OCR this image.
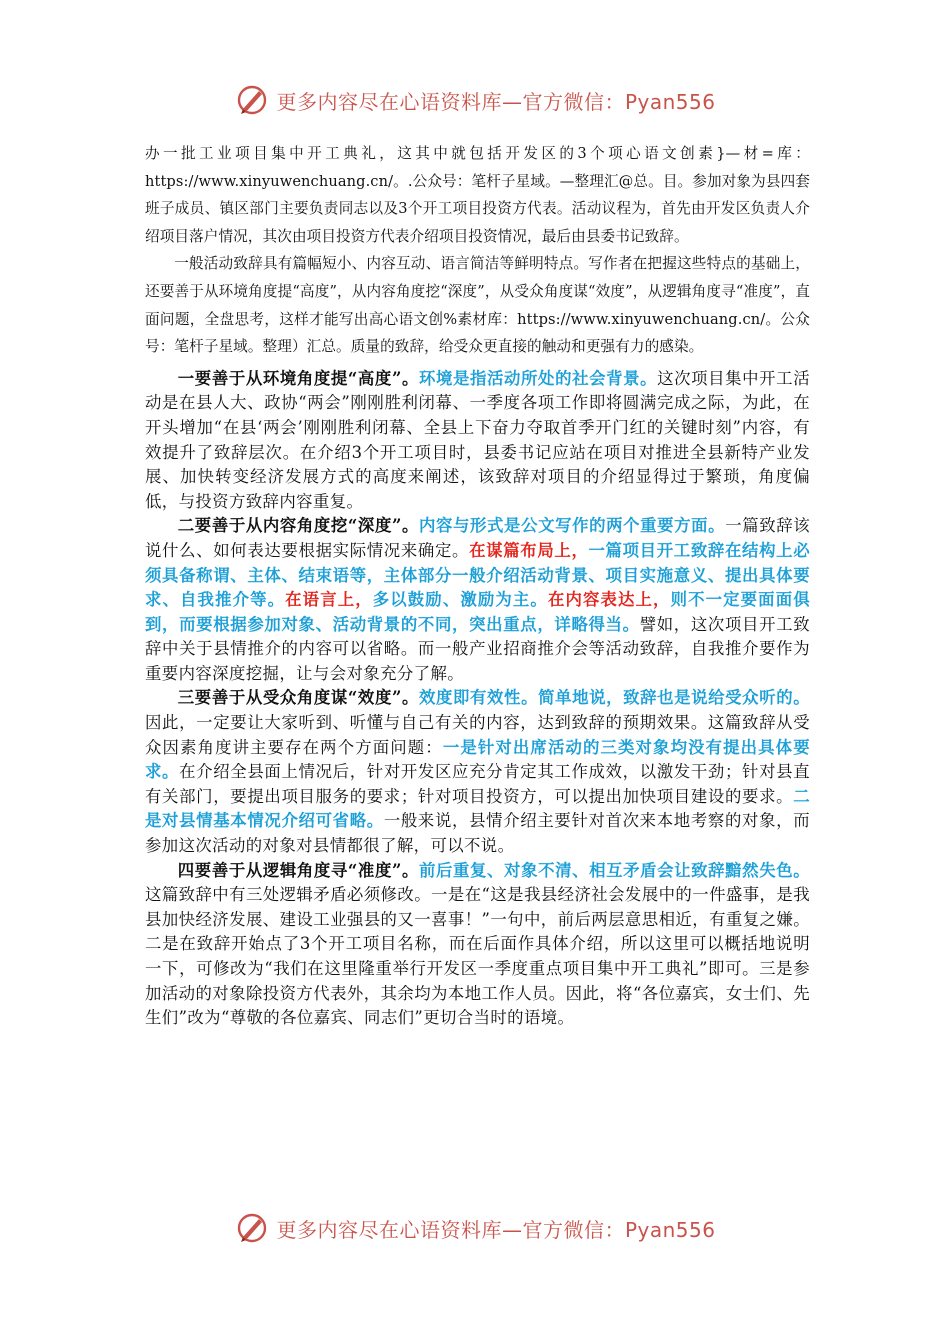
更多内容尽在心语资料库—官方微信：Pyan556

办一批工业项目集中开工典礼，这其中就包括开发区的3个项心语文创素}—材=库：https://www.xinyuwenchuang.cn/。.公众号：笔杆子星域。—整理汇@总。目。参加对象为县四套班子成员、镇区部门主要负责同志以及3个开工项目投资方代表。活动议程为，首先由开发区负责人介绍项目落户情况，其次由项目投资方代表介绍项目投资情况，最后由县委书记致辞。

一般活动致辞具有篇幅短小、内容互动、语言简洁等鲜明特点。写作者在把握这些特点的基础上，还要善于从环境角度提“高度”，从内容角度挖“深度”，从受众角度谋“效度”，从逻辑角度寻“准度”，直面问题，全盘思考，这样才能写出高心语文创%素材库：https://www.xinyuwenchuang.cn/。公众号：笔杆子星域。整理）汇总。质量的致辞，给受众更直接的触动和更强有力的感染。

一要善于从环境角度提“高度”。环境是指活动所处的社会背景。这次项目集中开工活动是在县人大、政协“两会”刚刚胜利闭幕、一季度各项工作即将圆满完成之际，为此，在开头增加“在县‘两会’刚刚胜利闭幕、全县上下奋力夺取首季开门红的关键时刻”内容，有效提升了致辞层次。在介绍3个开工项目时，县委书记应站在项目对推进全县新特产业发展、加快转变经济发展方式的高度来阐述，该致辞对项目的介绍显得过于繁琐，角度偏低，与投资方致辞内容重复。

二要善于从内容角度挖“深度”。内容与形式是公文写作的两个重要方面。一篇致辞该说什么、如何表达要根据实际情况来确定。在谋篇布局上，一篇项目开工致辞在结构上必须具备称谓、主体、结束语等，主体部分一般介绍活动背景、项目实施意义、提出具体要求、自我推介等。在语言上，多以鼓励、激励为主。在内容表达上，则不一定要面面俱到，而要根据参加对象、活动背景的不同，突出重点，详略得当。譬如，这次项目开工致辞中关于县情推介的内容可以省略。而一般产业招商推介会等活动致辞，自我推介要作为重要内容深度挖掘，让与会对象充分了解。

三要善于从受众角度谋“效度”。效度即有效性。简单地说，致辞也是说给受众听的。因此，一定要让大家听到、听懂与自己有关的内容，达到致辞的预期效果。这篇致辞从受众因素角度讲主要存在两个方面问题：一是针对出席活动的三类对象均没有提出具体要求。在介绍全县面上情况后，针对开发区应充分肯定其工作成效，以激发干劲；针对县直有关部门，要提出项目服务的要求；针对项目投资方，可以提出加快项目建设的要求。二是对县情基本情况介绍可省略。一般来说，县情介绍主要针对首次来本地考察的对象，而参加这次活动的对象对县情都很了解，可以不说。

四要善于从逻辑角度寻“准度”。前后重复、对象不清、相互矛盾会让致辞黯然失色。这篇致辞中有三处逻辑矛盾必须修改。一是在“这是我县经济社会发展中的一件盛事，是我县加快经济发展、建设工业强县的又一喜事！”一句中，前后两层意思相近，有重复之嫌。二是在致辞开始点了3个开工项目名称，而在后面作具体介绍，所以这里可以概括地说明一下，可修改为“我们在这里隆重举行开发区一季度重点项目集中开工典礼”即可。三是参加活动的对象除投资方代表外，其余均为本地工作人员。因此，将“各位嘉宾，女士们、先生们”改为“尊敬的各位嘉宾、同志们”更切合当时的语境。

更多内容尽在心语资料库—官方微信：Pyan556
